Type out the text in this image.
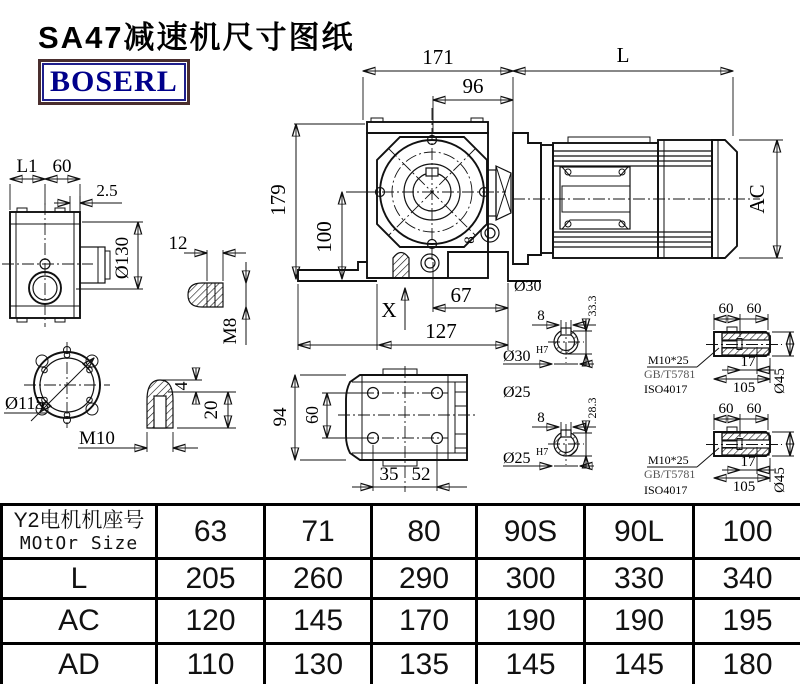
8
171
96
L
179
100
67
127
X
Ø30
AC
L1 60
2.5
Ø130 12
M8
Ø115
M10
4
20	94 60
35 52
8	33.3
Ø30 H7
Ø25
8	28.3
Ø25 H7
60 60
M10*25
GB/T5781
ISO4017
17
105 Ø45
60 60
M10*25
GB/T5781
ISO4017
17
105 Ø45
SA47减速机尺寸图纸
BOSERL
Y2电机机座号
MOtOr Size	63	71	80	90S	90L	100
L	205	260	290	300	330	340
AC	120	145	170	190	190	195
AD	110	130	135	145	145	180
